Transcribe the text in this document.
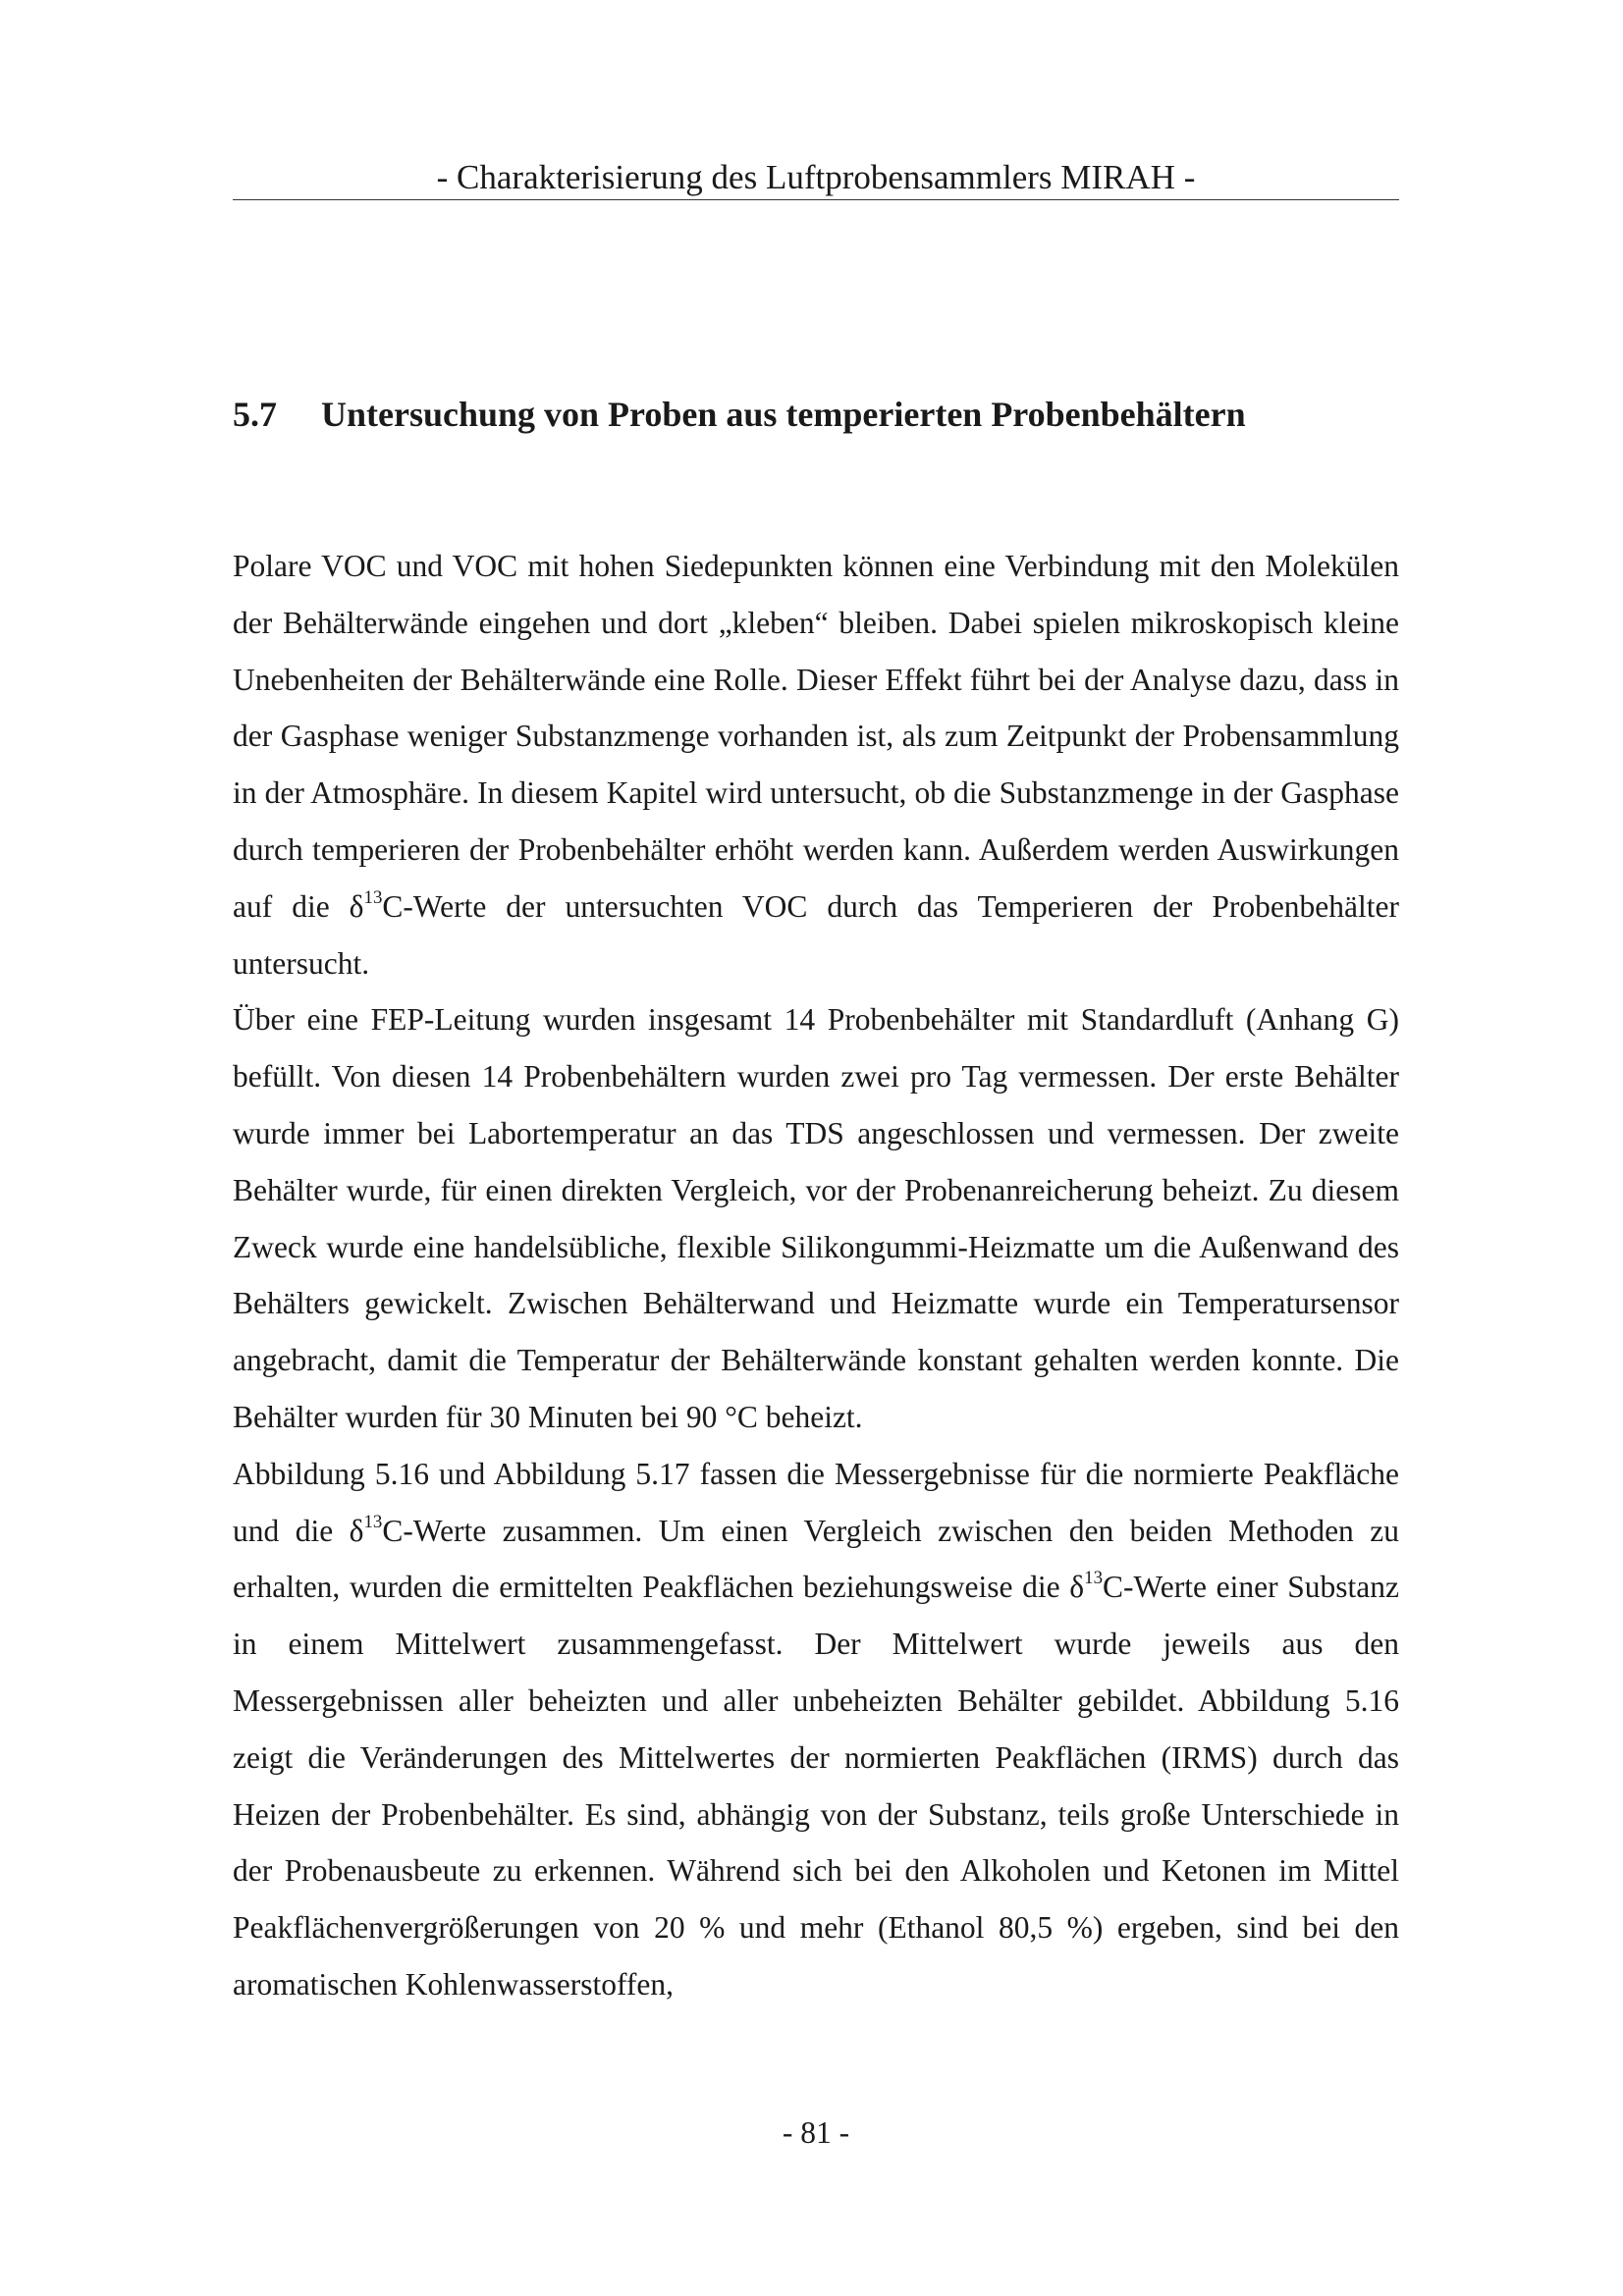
- Charakterisierung des Luftprobensammlers MIRAH -
5.7 Untersuchung von Proben aus temperierten Probenbehältern

Polare VOC und VOC mit hohen Siedepunkten können eine Verbindung mit den Molekülen der Behälterwände eingehen und dort „kleben“ bleiben. Dabei spielen mikroskopisch kleine Unebenheiten der Behälterwände eine Rolle. Dieser Effekt führt bei der Analyse dazu, dass in der Gasphase weniger Substanzmenge vorhanden ist, als zum Zeitpunkt der Probensammlung in der Atmosphäre. In diesem Kapitel wird untersucht, ob die Substanzmenge in der Gasphase durch temperieren der Probenbehälter erhöht werden kann. Außerdem werden Auswirkungen auf die $\delta^{13}C$-Werte der untersuchten VOC durch das Temperieren der Probenbehälter untersucht.

Über eine FEP-Leitung wurden insgesamt 14 Probenbehälter mit Standardluft (Anhang G) befüllt. Von diesen 14 Probenbehältern wurden zwei pro Tag vermessen. Der erste Behälter wurde immer bei Labortemperatur an das TDS angeschlossen und vermessen. Der zweite Behälter wurde, für einen direkten Vergleich, vor der Probenanreicherung beheizt. Zu diesem Zweck wurde eine handelsübliche, flexible Silikongummi-Heizmatte um die Außenwand des Behälters gewickelt. Zwischen Behälterwand und Heizmatte wurde ein Temperatursensor angebracht, damit die Temperatur der Behälterwände konstant gehalten werden konnte. Die Behälter wurden für 30 Minuten bei 90 °C beheizt.

Abbildung 5.16 und Abbildung 5.17 fassen die Messergebnisse für die normierte Peakfläche und die $\delta^{13}C$-Werte zusammen. Um einen Vergleich zwischen den beiden Methoden zu erhalten, wurden die ermittelten Peakflächen beziehungsweise die $\delta^{13}C$-Werte einer Substanz in einem Mittelwert zusammengefasst. Der Mittelwert wurde jeweils aus den Messergebnissen aller beheizten und aller unbeheizten Behälter gebildet. Abbildung 5.16 zeigt die Veränderungen des Mittelwertes der normierten Peakflächen (IRMS) durch das Heizen der Probenbehälter. Es sind, abhängig von der Substanz, teils große Unterschiede in der Probenausbeute zu erkennen. Während sich bei den Alkoholen und Ketonen im Mittel Peakflächenvergrößerungen von 20 % und mehr (Ethanol 80,5 %) ergeben, sind bei den aromatischen Kohlenwasserstoffen,

- 81 -
